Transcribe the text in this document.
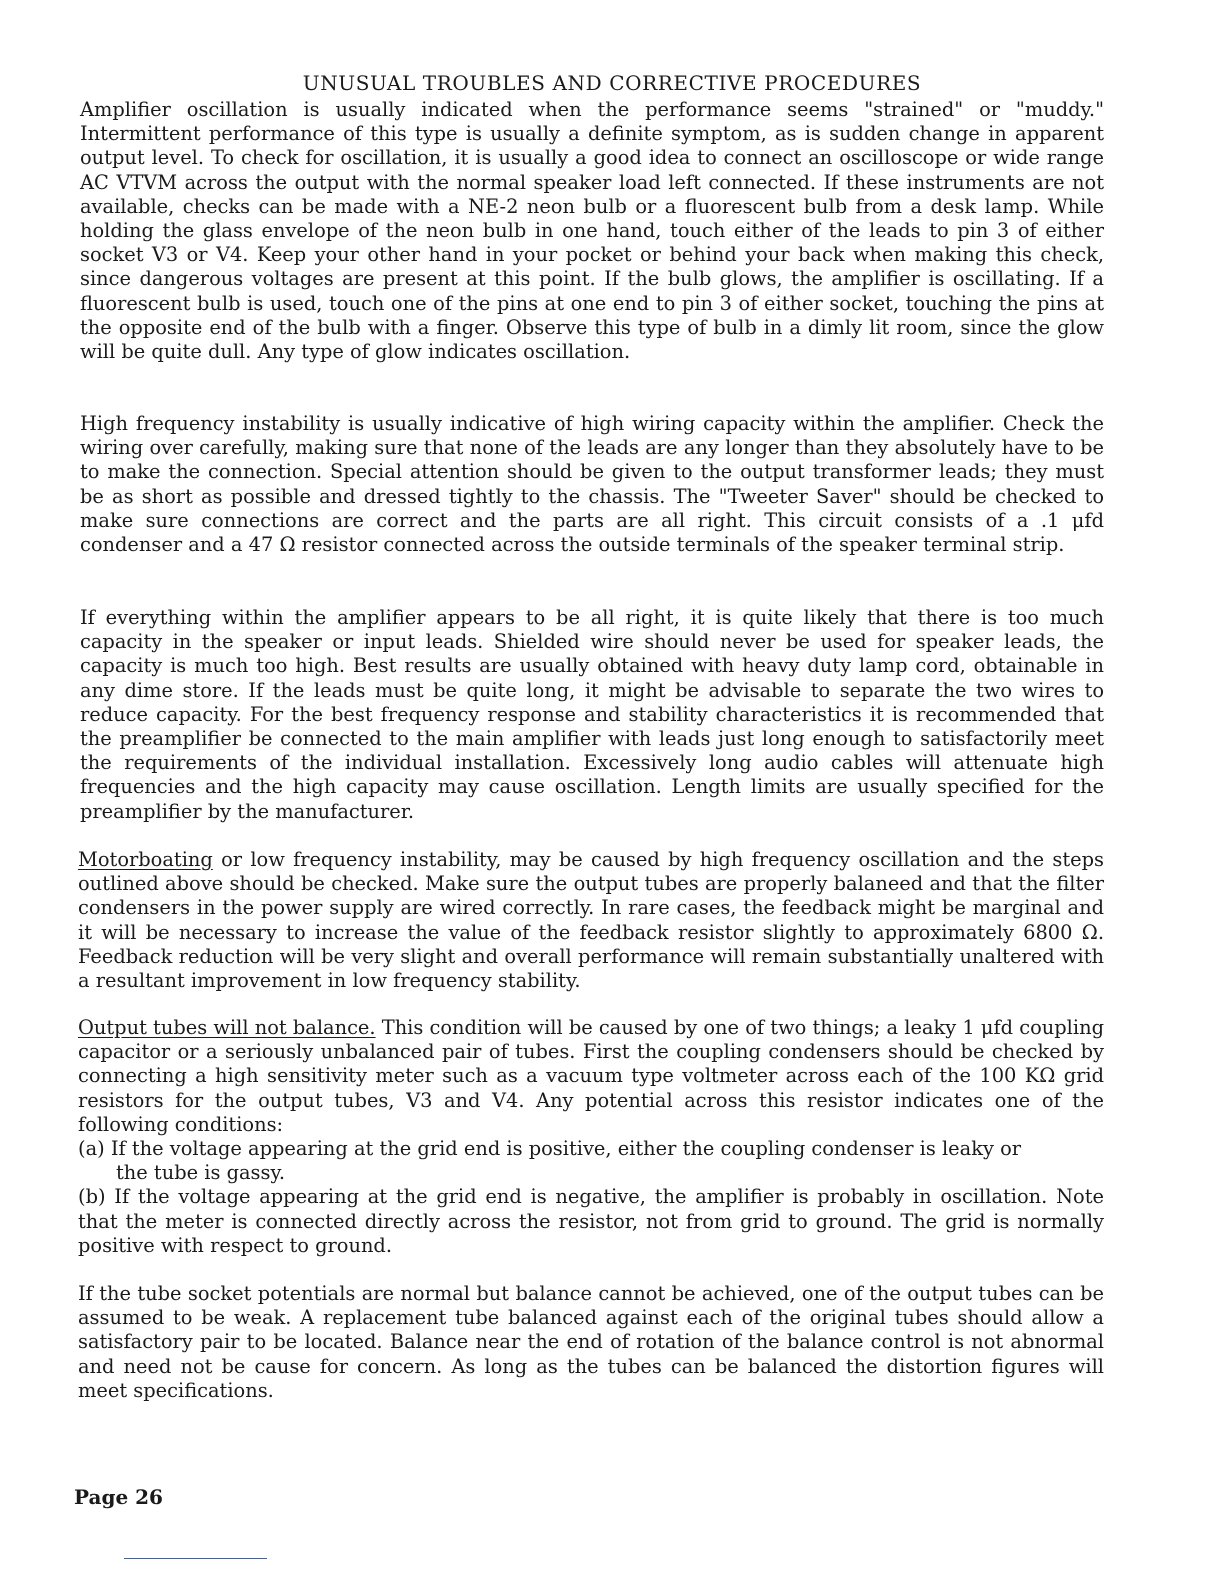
UNUSUAL TROUBLES AND CORRECTIVE PROCEDURES

Amplifier oscillation is usually indicated when the performance seems "strained" or "muddy." Intermittent performance of this type is usually a definite symptom, as is sudden change in apparent output level. To check for oscillation, it is usually a good idea to connect an oscilloscope or wide range AC VTVM across the output with the normal speaker load left connected. If these instruments are not available, checks can be made with a NE-2 neon bulb or a fluorescent bulb from a desk lamp. While holding the glass envelope of the neon bulb in one hand, touch either of the leads to pin 3 of either socket V3 or V4. Keep your other hand in your pocket or behind your back when making this check, since dangerous voltages are present at this point. If the bulb glows, the amplifier is oscillating. If a fluorescent bulb is used, touch one of the pins at one end to pin 3 of either socket, touching the pins at the opposite end of the bulb with a finger. Observe this type of bulb in a dimly lit room, since the glow will be quite dull. Any type of glow indicates oscillation.

High frequency instability is usually indicative of high wiring capacity within the amplifier. Check the wiring over carefully, making sure that none of the leads are any longer than they absolutely have to be to make the connection. Special attention should be given to the output transformer leads; they must be as short as possible and dressed tightly to the chassis. The "Tweeter Saver" should be checked to make sure connections are correct and the parts are all right. This circuit consists of a .1 μfd condenser and a 47 Ω resistor connected across the outside terminals of the speaker terminal strip.

If everything within the amplifier appears to be all right, it is quite likely that there is too much capacity in the speaker or input leads. Shielded wire should never be used for speaker leads, the capacity is much too high. Best results are usually obtained with heavy duty lamp cord, obtainable in any dime store. If the leads must be quite long, it might be advisable to separate the two wires to reduce capacity. For the best frequency response and stability characteristics it is recommended that the preamplifier be connected to the main amplifier with leads just long enough to satisfactorily meet the requirements of the individual installation. Excessively long audio cables will attenuate high frequencies and the high capacity may cause oscillation. Length limits are usually specified for the preamplifier by the manufacturer.

Motorboating or low frequency instability, may be caused by high frequency oscillation and the steps outlined above should be checked. Make sure the output tubes are properly balaneed and that the filter condensers in the power supply are wired correctly. In rare cases, the feedback might be marginal and it will be necessary to increase the value of the feedback resistor slightly to approximately 6800 Ω. Feedback reduction will be very slight and overall performance will remain substantially unaltered with a resultant improvement in low frequency stability.

Output tubes will not balance. This condition will be caused by one of two things; a leaky 1 μfd coupling capacitor or a seriously unbalanced pair of tubes. First the coupling condensers should be checked by connecting a high sensitivity meter such as a vacuum type voltmeter across each of the 100 KΩ grid resistors for the output tubes, V3 and V4. Any potential across this resistor indicates one of the following conditions:
(a) If the voltage appearing at the grid end is positive, either the coupling condenser is leaky or
the tube is gassy.
(b) If the voltage appearing at the grid end is negative, the amplifier is probably in oscillation. Note that the meter is connected directly across the resistor, not from grid to ground. The grid is normally positive with respect to ground.

If the tube socket potentials are normal but balance cannot be achieved, one of the output tubes can be assumed to be weak. A replacement tube balanced against each of the original tubes should allow a satisfactory pair to be located. Balance near the end of rotation of the balance control is not abnormal and need not be cause for concern. As long as the tubes can be balanced the distortion figures will meet specifications.

Page 26
